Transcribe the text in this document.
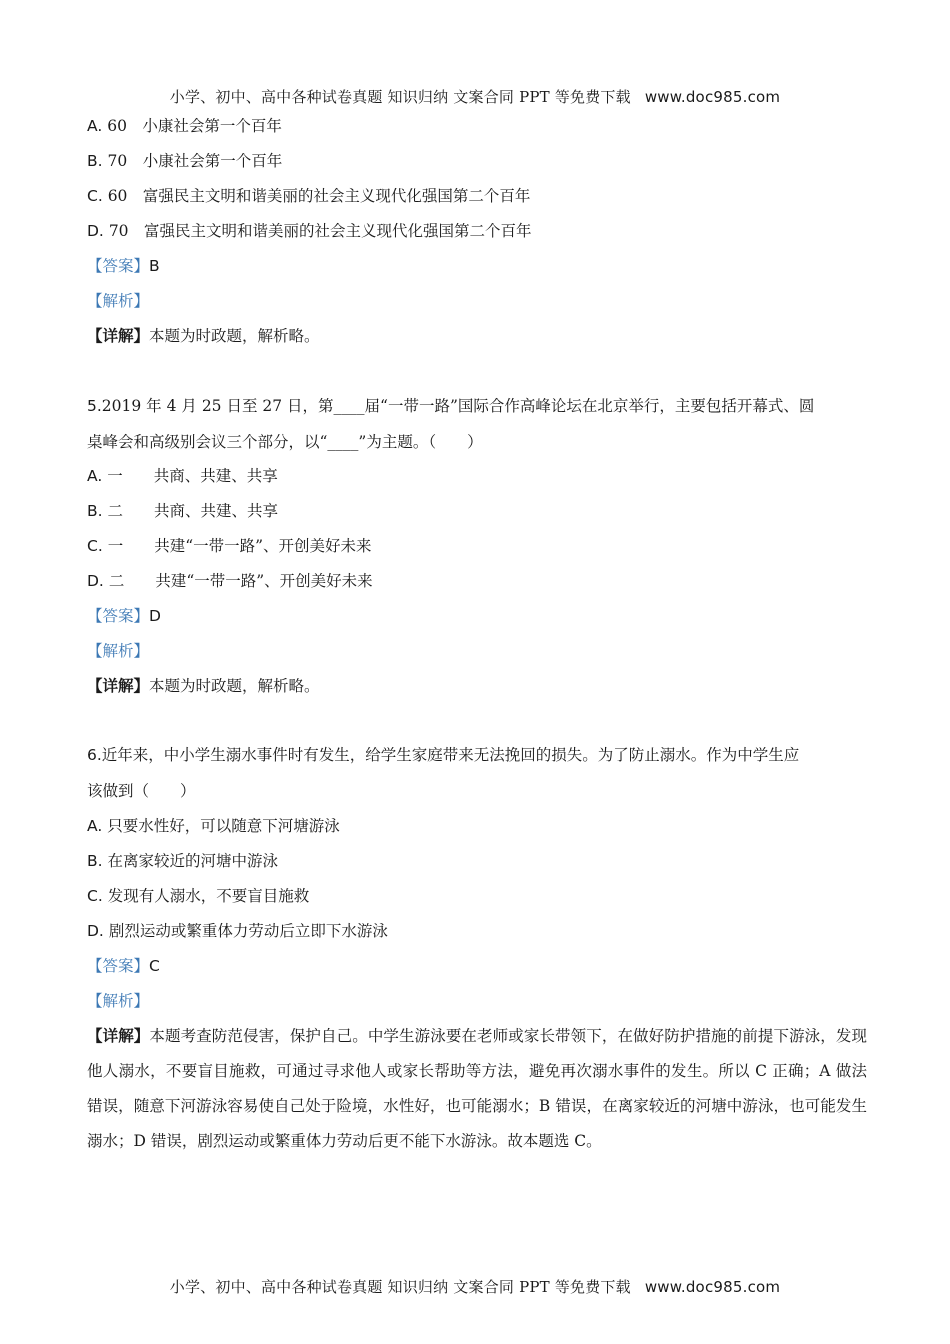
小学、初中、高中各种试卷真题 知识归纳 文案合同 PPT 等免费下载 www.doc985.com
A. 60　小康社会第一个百年
B. 70　小康社会第一个百年
C. 60　富强民主文明和谐美丽的社会主义现代化强国第二个百年
D. 70　富强民主文明和谐美丽的社会主义现代化强国第二个百年
【答案】B
【解析】
【详解】本题为时政题，解析略。
5.2019 年 4 月 25 日至 27 日，第____届“一带一路”国际合作高峰论坛在北京举行，主要包括开幕式、圆
桌峰会和高级别会议三个部分，以“____”为主题。（　　）
A. 一　　共商、共建、共享
B. 二　　共商、共建、共享
C. 一　　共建“一带一路”、开创美好未来
D. 二　　共建“一带一路”、开创美好未来
【答案】D
【解析】
【详解】本题为时政题，解析略。
6.近年来，中小学生溺水事件时有发生，给学生家庭带来无法挽回的损失。为了防止溺水。作为中学生应
该做到（　　）
A. 只要水性好，可以随意下河塘游泳
B. 在离家较近的河塘中游泳
C. 发现有人溺水，不要盲目施救
D. 剧烈运动或繁重体力劳动后立即下水游泳
【答案】C
【解析】
【详解】本题考查防范侵害，保护自己。中学生游泳要在老师或家长带领下，在做好防护措施的前提下游泳，发现他人溺水，不要盲目施救，可通过寻求他人或家长帮助等方法，避免再次溺水事件的发生。所以 C 正确；A 做法错误，随意下河游泳容易使自己处于险境，水性好，也可能溺水；B 错误，在离家较近的河塘中游泳，也可能发生溺水；D 错误，剧烈运动或繁重体力劳动后更不能下水游泳。故本题选 C。
小学、初中、高中各种试卷真题 知识归纳 文案合同 PPT 等免费下载 www.doc985.com
